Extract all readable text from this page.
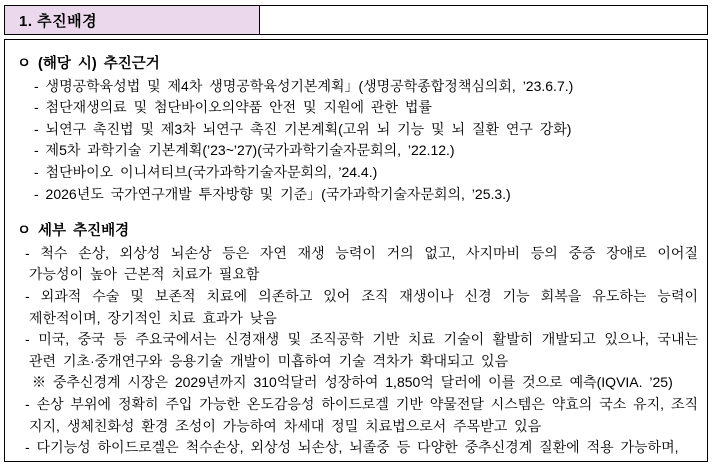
1. 추진배경
ㅇ (해당 시) 추진근거
- 생명공학육성법 및 제4차 생명공학육성기본계획」(생명공학종합정책심의회, ’23.6.7.)
- 첨단재생의료 및 첨단바이오의약품 안전 및 지원에 관한 법률
- 뇌연구 촉진법 및 제3차 뇌연구 촉진 기본계획(고위 뇌 기능 및 뇌 질환 연구 강화)
- 제5차 과학기술 기본계획(’23~’27)(국가과학기술자문회의, ’22.12.)
- 첨단바이오 이니셔티브(국가과학기술자문회의, ’24.4.)
- 2026년도 국가연구개발 투자방향 및 기준」(국가과학기술자문회의, ’25.3.)
ㅇ 세부 추진배경
- 척수 손상, 외상성 뇌손상 등은 자연 재생 능력이 거의 없고, 사지마비 등의 중증 장애로 이어질 가능성이 높아 근본적 치료가 필요함
- 외과적 수술 및 보존적 치료에 의존하고 있어 조직 재생이나 신경 기능 회복을 유도하는 능력이 제한적이며, 장기적인 치료 효과가 낮음
- 미국, 중국 등 주요국에서는 신경재생 및 조직공학 기반 치료 기술이 활발히 개발되고 있으나, 국내는 관련 기초·중개연구와 응용기술 개발이 미흡하여 기술 격차가 확대되고 있음
※ 중추신경계 시장은 2029년까지 310억달러 성장하여 1,850억 달러에 이를 것으로 예측(IQVIA. ’25)
- 손상 부위에 정확히 주입 가능한 온도감응성 하이드로겔 기반 약물전달 시스템은 약효의 국소 유지, 조직 지지, 생체친화성 환경 조성이 가능하여 차세대 정밀 치료법으로서 주목받고 있음
- 다기능성 하이드로겔은 척수손상, 외상성 뇌손상, 뇌졸중 등 다양한 중추신경계 질환에 적용 가능하며,
